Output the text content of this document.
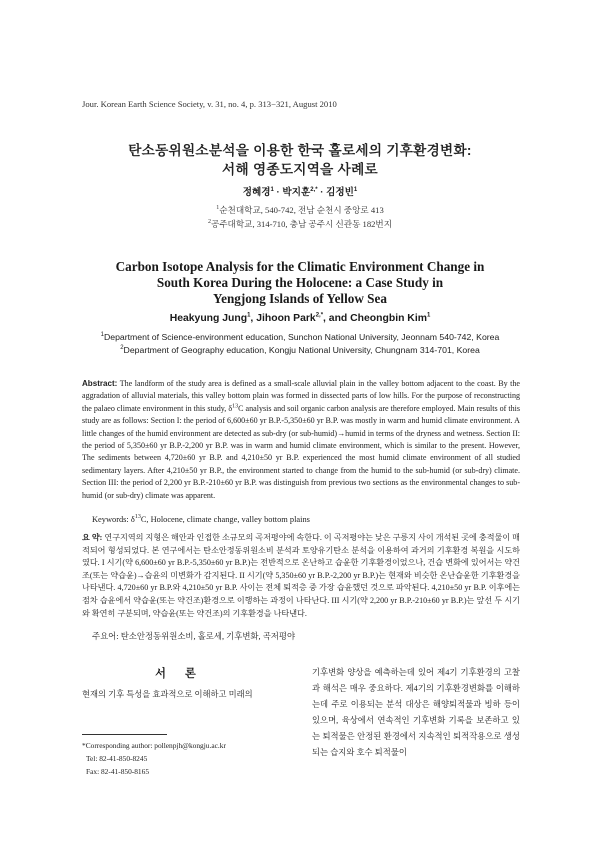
Jour. Korean Earth Science Society, v. 31, no. 4, p. 313−321, August 2010
탄소동위원소분석을 이용한 한국 홀로세의 기후환경변화:
서해 영종도지역을 사례로
정혜경$^1$ · 박지훈$^{2,*}$ · 김정빈$^1$
$^1$순천대학교, 540-742, 전남 순천시 중앙로 413
$^2$공주대학교, 314-710, 충남 공주시 신관동 182번지
Carbon Isotope Analysis for the Climatic Environment Change in
South Korea During the Holocene: a Case Study in
Yengjong Islands of Yellow Sea
Heakyung Jung$^1$, Jihoon Park$^{2,*}$, and Cheongbin Kim$^1$
$^1$Department of Science-environment education, Sunchon National University, Jeonnam 540-742, Korea
$^2$Department of Geography education, Kongju National University, Chungnam 314-701, Korea
Abstract: The landform of the study area is defined as a small-scale alluvial plain in the valley bottom adjacent to the coast. By the aggradation of alluvial materials, this valley bottom plain was formed in dissected parts of low hills. For the purpose of reconstructing the palaeo climate environment in this study, $\delta^{13}C$ analysis and soil organic carbon analysis are therefore employed. Main results of this study are as follows: Section I: the period of 6,600±60 yr B.P.-5,350±60 yr B.P. was mostly in warm and humid climate environment. A little changes of the humid environment are detected as sub-dry (or sub-humid)→humid in terms of the dryness and wetness. Section II: the period of 5,350±60 yr B.P.-2,200 yr B.P. was in warm and humid climate environment, which is similar to the present. However, The sediments between 4,720±60 yr B.P. and 4,210±50 yr B.P. experienced the most humid climate environment of all studied sedimentary layers. After 4,210±50 yr B.P., the environment started to change from the humid to the sub-humid (or sub-dry) climate. Section III: the period of 2,200 yr B.P.-210±60 yr B.P. was distinguish from previous two sections as the environmental changes to sub-humid (or sub-dry) climate was apparent.
Keywords: $\delta^{13}C$, Holocene, climate change, valley bottom plains
요 약: 연구지역의 지형은 해안과 인접한 소규모의 곡저평야에 속한다. 이 곡저평야는 낮은 구릉지 사이 개석된 곳에 충적물이 매적되어 형성되었다. 본 연구에서는 탄소안정동위원소비 분석과 토양유기탄소 분석을 이용하여 과거의 기후환경 복원을 시도하였다. I 시기(약 6,600±60 yr B.P.-5,350±60 yr B.P.)는 전반적으로 온난하고 습윤한 기후환경이었으나, 건습 변화에 있어서는 약건조(또는 약습윤)→습윤의 미변화가 감지된다. II 시기(약 5,350±60 yr B.P.-2,200 yr B.P.)는 현재와 비슷한 온난습윤한 기후환경을 나타낸다. 4,720±60 yr B.P.와 4,210±50 yr B.P. 사이는 전체 퇴적층 중 가장 습윤했던 것으로 파악된다. 4,210±50 yr B.P. 이후에는 점차 습윤에서 약습윤(또는 약건조)환경으로 이행하는 과정이 나타난다. III 시기(약 2,200 yr B.P.-210±60 yr B.P.)는 앞선 두 시기와 확연히 구분되며, 약습윤(또는 약건조)의 기후환경을 나타낸다.
주요어: 탄소안정동위원소비, 홀로세, 기후변화, 곡저평야
서 론
현재의 기후 특성을 효과적으로 이해하고 미래의
*Corresponding author: pollenpjh@kongju.ac.kr
Tel: 82-41-850-8245
Fax: 82-41-850-8165
기후변화 양상을 예측하는데 있어 제4기 기후환경의 고찰과 해석은 매우 중요하다. 제4기의 기후환경변화를 이해하는데 주로 이용되는 분석 대상은 해양퇴적물과 빙하 등이 있으며, 육상에서 연속적인 기후변화 기록을 보존하고 있는 퇴적물은 안정된 환경에서 지속적인 퇴적작용으로 생성되는 습지와 호수 퇴적물이
